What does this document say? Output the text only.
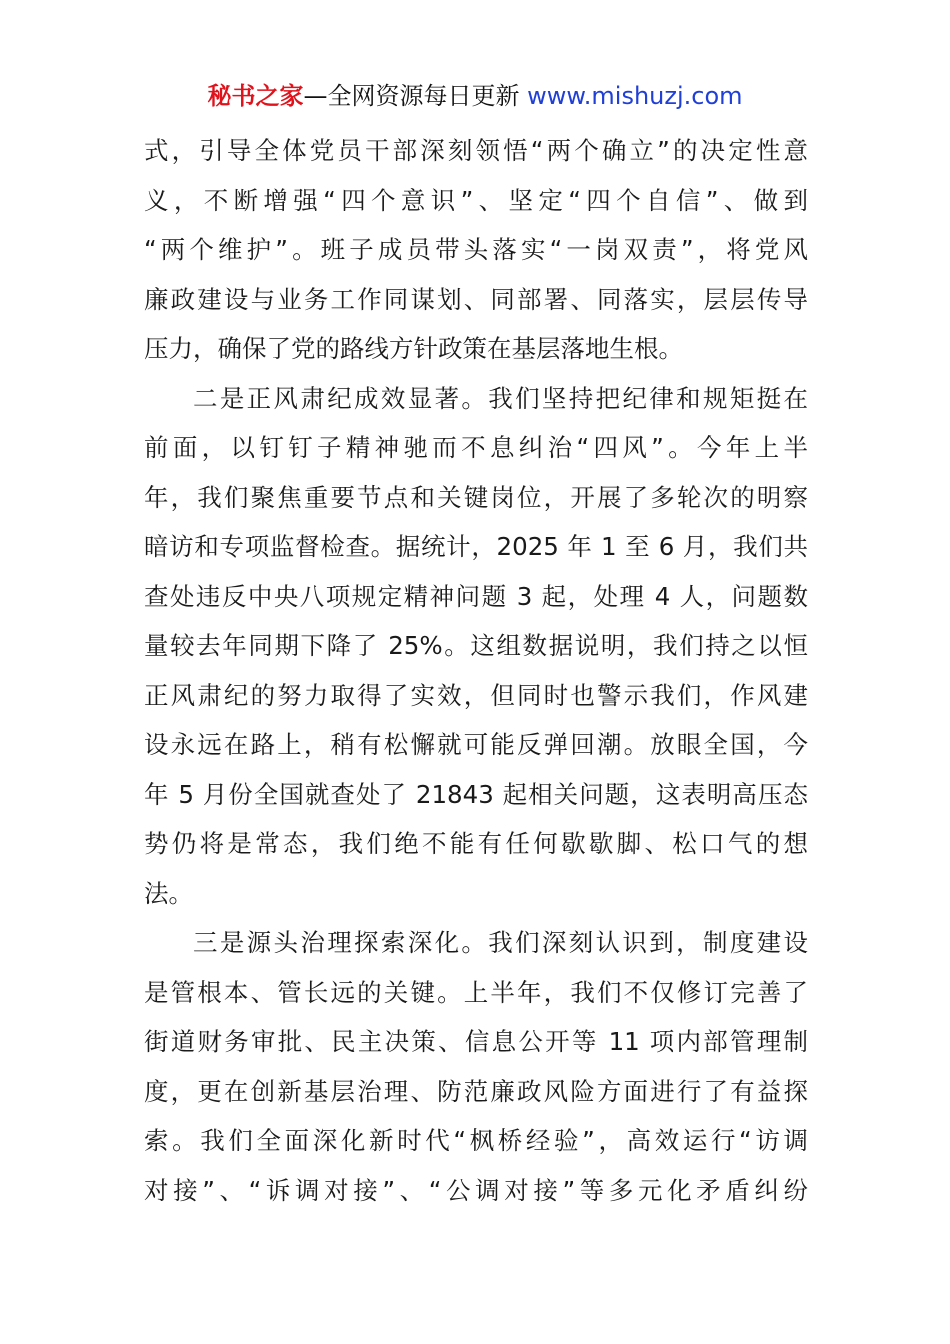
秘书之家—全网资源每日更新 www.mishuzj.com
式，引导全体党员干部深刻领悟“两个确立”的决定性意
义，不断增强“四个意识”、坚定“四个自信”、做到
“两个维护”。班子成员带头落实“一岗双责”，将党风
廉政建设与业务工作同谋划、同部署、同落实，层层传导
压力，确保了党的路线方针政策在基层落地生根。
二是正风肃纪成效显著。我们坚持把纪律和规矩挺在
前面，以钉钉子精神驰而不息纠治“四风”。今年上半
年，我们聚焦重要节点和关键岗位，开展了多轮次的明察
暗访和专项监督检查。据统计，2025 年 1 至 6 月，我们共
查处违反中央八项规定精神问题 3 起，处理 4 人，问题数
量较去年同期下降了 25%。这组数据说明，我们持之以恒
正风肃纪的努力取得了实效，但同时也警示我们，作风建
设永远在路上，稍有松懈就可能反弹回潮。放眼全国，今
年 5 月份全国就查处了 21843 起相关问题，这表明高压态
势仍将是常态，我们绝不能有任何歇歇脚、松口气的想
法。
三是源头治理探索深化。我们深刻认识到，制度建设
是管根本、管长远的关键。上半年，我们不仅修订完善了
街道财务审批、民主决策、信息公开等 11 项内部管理制
度，更在创新基层治理、防范廉政风险方面进行了有益探
索。我们全面深化新时代“枫桥经验”，高效运行“访调
对接”、“诉调对接”、“公调对接”等多元化矛盾纠纷
